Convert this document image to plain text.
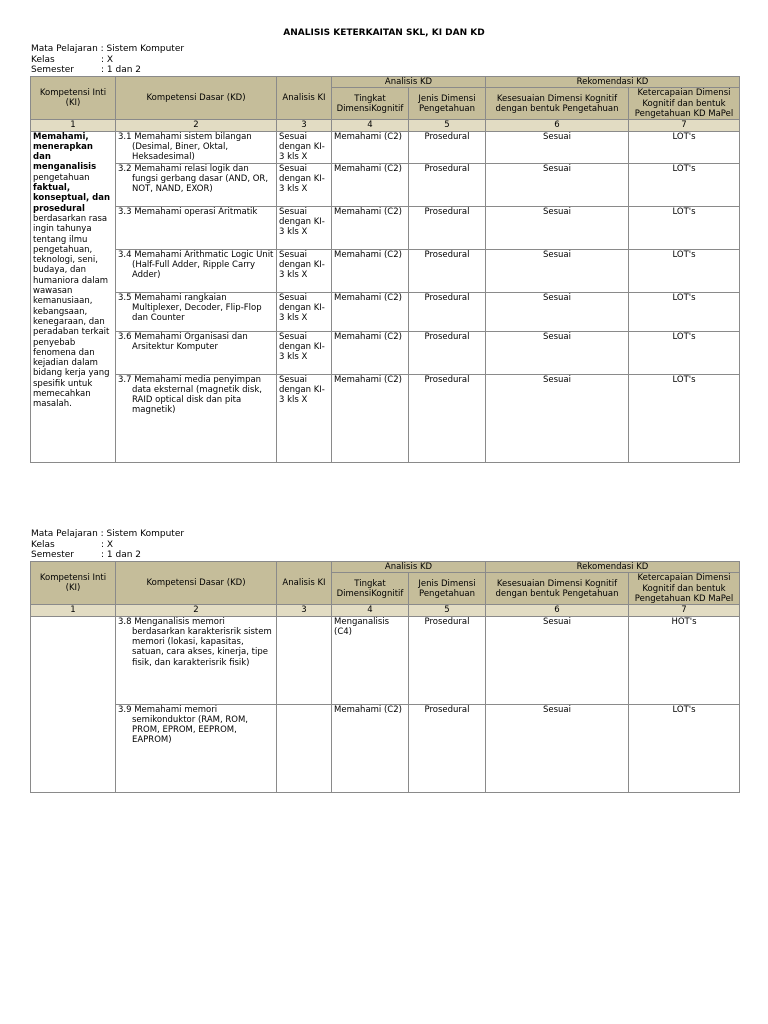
ANALISIS KETERKAITAN SKL, KI DAN KD
Mata Pelajaran : Sistem Komputer
Kelas	: X
Semester	: 1 dan 2
Kompetensi Inti (KI)	Kompetensi Dasar (KD)	Analisis KI	Analisis KD		Rekomendasi KD	
			Tingkat DimensiKognitif	Jenis Dimensi Pengetahuan	Kesesuaian Dimensi Kognitif dengan bentuk Pengetahuan	Ketercapaian Dimensi Kognitif dan bentuk Pengetahuan KD MaPel
1	2	3	4	5	6	7
Memahami, menerapkan dan menganalisis pengetahuan faktual, konseptual, dan prosedural berdasarkan rasa ingin tahunya tentang ilmu pengetahuan, teknologi, seni, budaya, dan humaniora dalam wawasan kemanusiaan, kebangsaan, kenegaraan, dan peradaban terkait penyebab fenomena dan kejadian dalam bidang kerja yang spesifik untuk memecahkan masalah.	3.1 Memahami sistem bilangan (Desimal, Biner, Oktal, Heksadesimal)	Sesuai dengan KI-3 kls X	Memahami (C2)	Prosedural	Sesuai	LOT's

	3.2 Memahami relasi logik dan fungsi gerbang dasar (AND, OR, NOT, NAND, EXOR)	Sesuai dengan KI-3 kls X	Memahami (C2)	Prosedural	Sesuai	LOT's

	3.3 Memahami operasi Aritmatik	Sesuai dengan KI-3 kls X	Memahami (C2)	Prosedural	Sesuai	LOT's

	3.4 Memahami Arithmatic Logic Unit (Half-Full Adder, Ripple Carry Adder)	Sesuai dengan KI-3 kls X	Memahami (C2)	Prosedural	Sesuai	LOT's

	3.5 Memahami rangkaian Multiplexer, Decoder, Flip-Flop dan Counter	Sesuai dengan KI-3 kls X	Memahami (C2)	Prosedural	Sesuai	LOT's

	3.6 Memahami Organisasi dan Arsitektur Komputer	Sesuai dengan KI-3 kls X	Memahami (C2)	Prosedural	Sesuai	LOT's

	3.7 Memahami media penyimpan data eksternal (magnetik disk, RAID optical disk dan pita magnetik)	Sesuai dengan KI-3 kls X	Memahami (C2)	Prosedural	Sesuai	LOT's
Mata Pelajaran : Sistem Komputer
Kelas	: X
Semester	: 1 dan 2
Kompetensi Inti (KI)	Kompetensi Dasar (KD)	Analisis KI	Analisis KD		Rekomendasi KD	
			Tingkat DimensiKognitif	Jenis Dimensi Pengetahuan	Kesesuaian Dimensi Kognitif dengan bentuk Pengetahuan	Ketercapaian Dimensi Kognitif dan bentuk Pengetahuan KD MaPel
1	2	3	4	5	6	7

	3.8 Menganalisis memori berdasarkan karakterisrik sistem memori (lokasi, kapasitas, satuan, cara akses, kinerja, tipe fisik, dan karakterisrik fisik)		Menganalisis (C4)	Prosedural	Sesuai	HOT's

	3.9 Memahami memori semikonduktor (RAM, ROM, PROM, EPROM, EEPROM, EAPROM)		Memahami (C2)	Prosedural	Sesuai	LOT's
